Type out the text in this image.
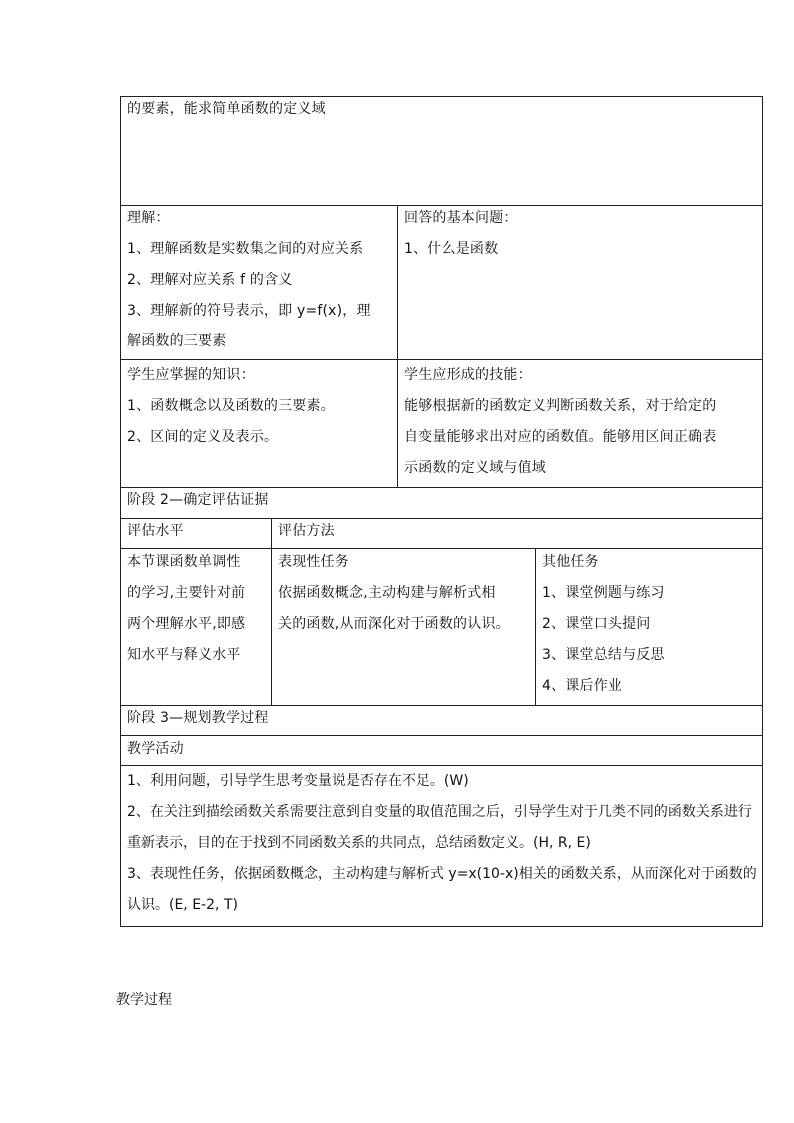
的要素，能求简单函数的定义域
理解：
1、理解函数是实数集之间的对应关系
2、理解对应关系 f 的含义
3、理解新的符号表示，即 y=f(x)，理
解函数的三要素
回答的基本问题：
1、什么是函数
学生应掌握的知识：
1、函数概念以及函数的三要素。
2、区间的定义及表示。
学生应形成的技能：
能够根据新的函数定义判断函数关系，对于给定的
自变量能够求出对应的函数值。能够用区间正确表
示函数的定义域与值域
阶段 2—确定评估证据
评估水平	评估方法
本节课函数单调性
的学习,主要针对前
两个理解水平,即感
知水平与释义水平
表现性任务
依据函数概念,主动构建与解析式相
关的函数,从而深化对于函数的认识。
其他任务
1、课堂例题与练习
2、课堂口头提问
3、课堂总结与反思
4、课后作业
阶段 3—规划教学过程
教学活动
1、利用问题，引导学生思考变量说是否存在不足。(W)
2、在关注到描绘函数关系需要注意到自变量的取值范围之后，引导学生对于几类不同的函数关系进行重新表示，目的在于找到不同函数关系的共同点，总结函数定义。(H, R, E)
3、表现性任务，依据函数概念，主动构建与解析式 y=x(10-x)相关的函数关系，从而深化对于函数的认识。(E, E-2, T)
教学过程
